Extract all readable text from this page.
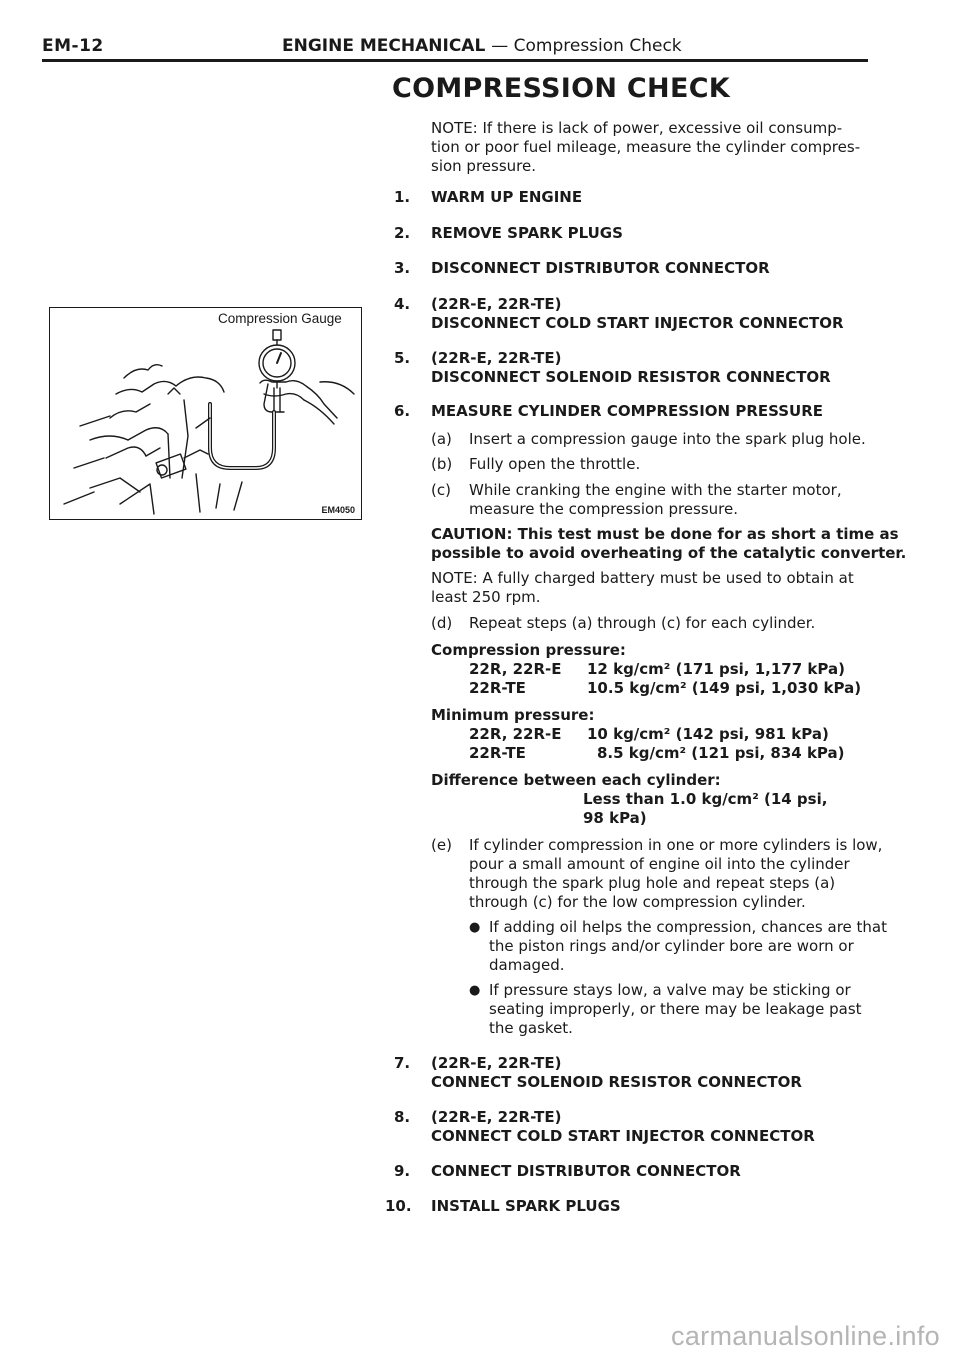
EM-12	ENGINE MECHANICAL — Compression Check
COMPRESSION CHECK
NOTE: If there is lack of power, excessive oil consump-
tion or poor fuel mileage, measure the cylinder compres-
sion pressure.
Compression Gauge
EM4050
1. WARM UP ENGINE
2. REMOVE SPARK PLUGS
3. DISCONNECT DISTRIBUTOR CONNECTOR
4. (22R-E, 22R-TE)
DISCONNECT COLD START INJECTOR CONNECTOR
5. (22R-E, 22R-TE)
DISCONNECT SOLENOID RESISTOR CONNECTOR
6. MEASURE CYLINDER COMPRESSION PRESSURE
(a) Insert a compression gauge into the spark plug hole.
(b) Fully open the throttle.
(c) While cranking the engine with the starter motor,
measure the compression pressure.
CAUTION: This test must be done for as short a time as
possible to avoid overheating of the catalytic converter.
NOTE: A fully charged battery must be used to obtain at
least 250 rpm.
(d) Repeat steps (a) through (c) for each cylinder.
Compression pressure:
22R, 22R-E 12 kg/cm² (171 psi, 1,177 kPa)
22R-TE	10.5 kg/cm² (149 psi, 1,030 kPa)
Minimum pressure:
22R, 22R-E 10 kg/cm² (142 psi, 981 kPa)
22R-TE	8.5 kg/cm² (121 psi, 834 kPa)
Difference between each cylinder:
Less than 1.0 kg/cm² (14 psi,
98 kPa)
(e) If cylinder compression in one or more cylinders is low,
pour a small amount of engine oil into the cylinder
through the spark plug hole and repeat steps (a)
through (c) for the low compression cylinder.
● If adding oil helps the compression, chances are that
the piston rings and/or cylinder bore are worn or
damaged.
● If pressure stays low, a valve may be sticking or
seating improperly, or there may be leakage past
the gasket.
7. (22R-E, 22R-TE)
CONNECT SOLENOID RESISTOR CONNECTOR
8. (22R-E, 22R-TE)
CONNECT COLD START INJECTOR CONNECTOR
9. CONNECT DISTRIBUTOR CONNECTOR
10. INSTALL SPARK PLUGS
carmanualsonline.info
